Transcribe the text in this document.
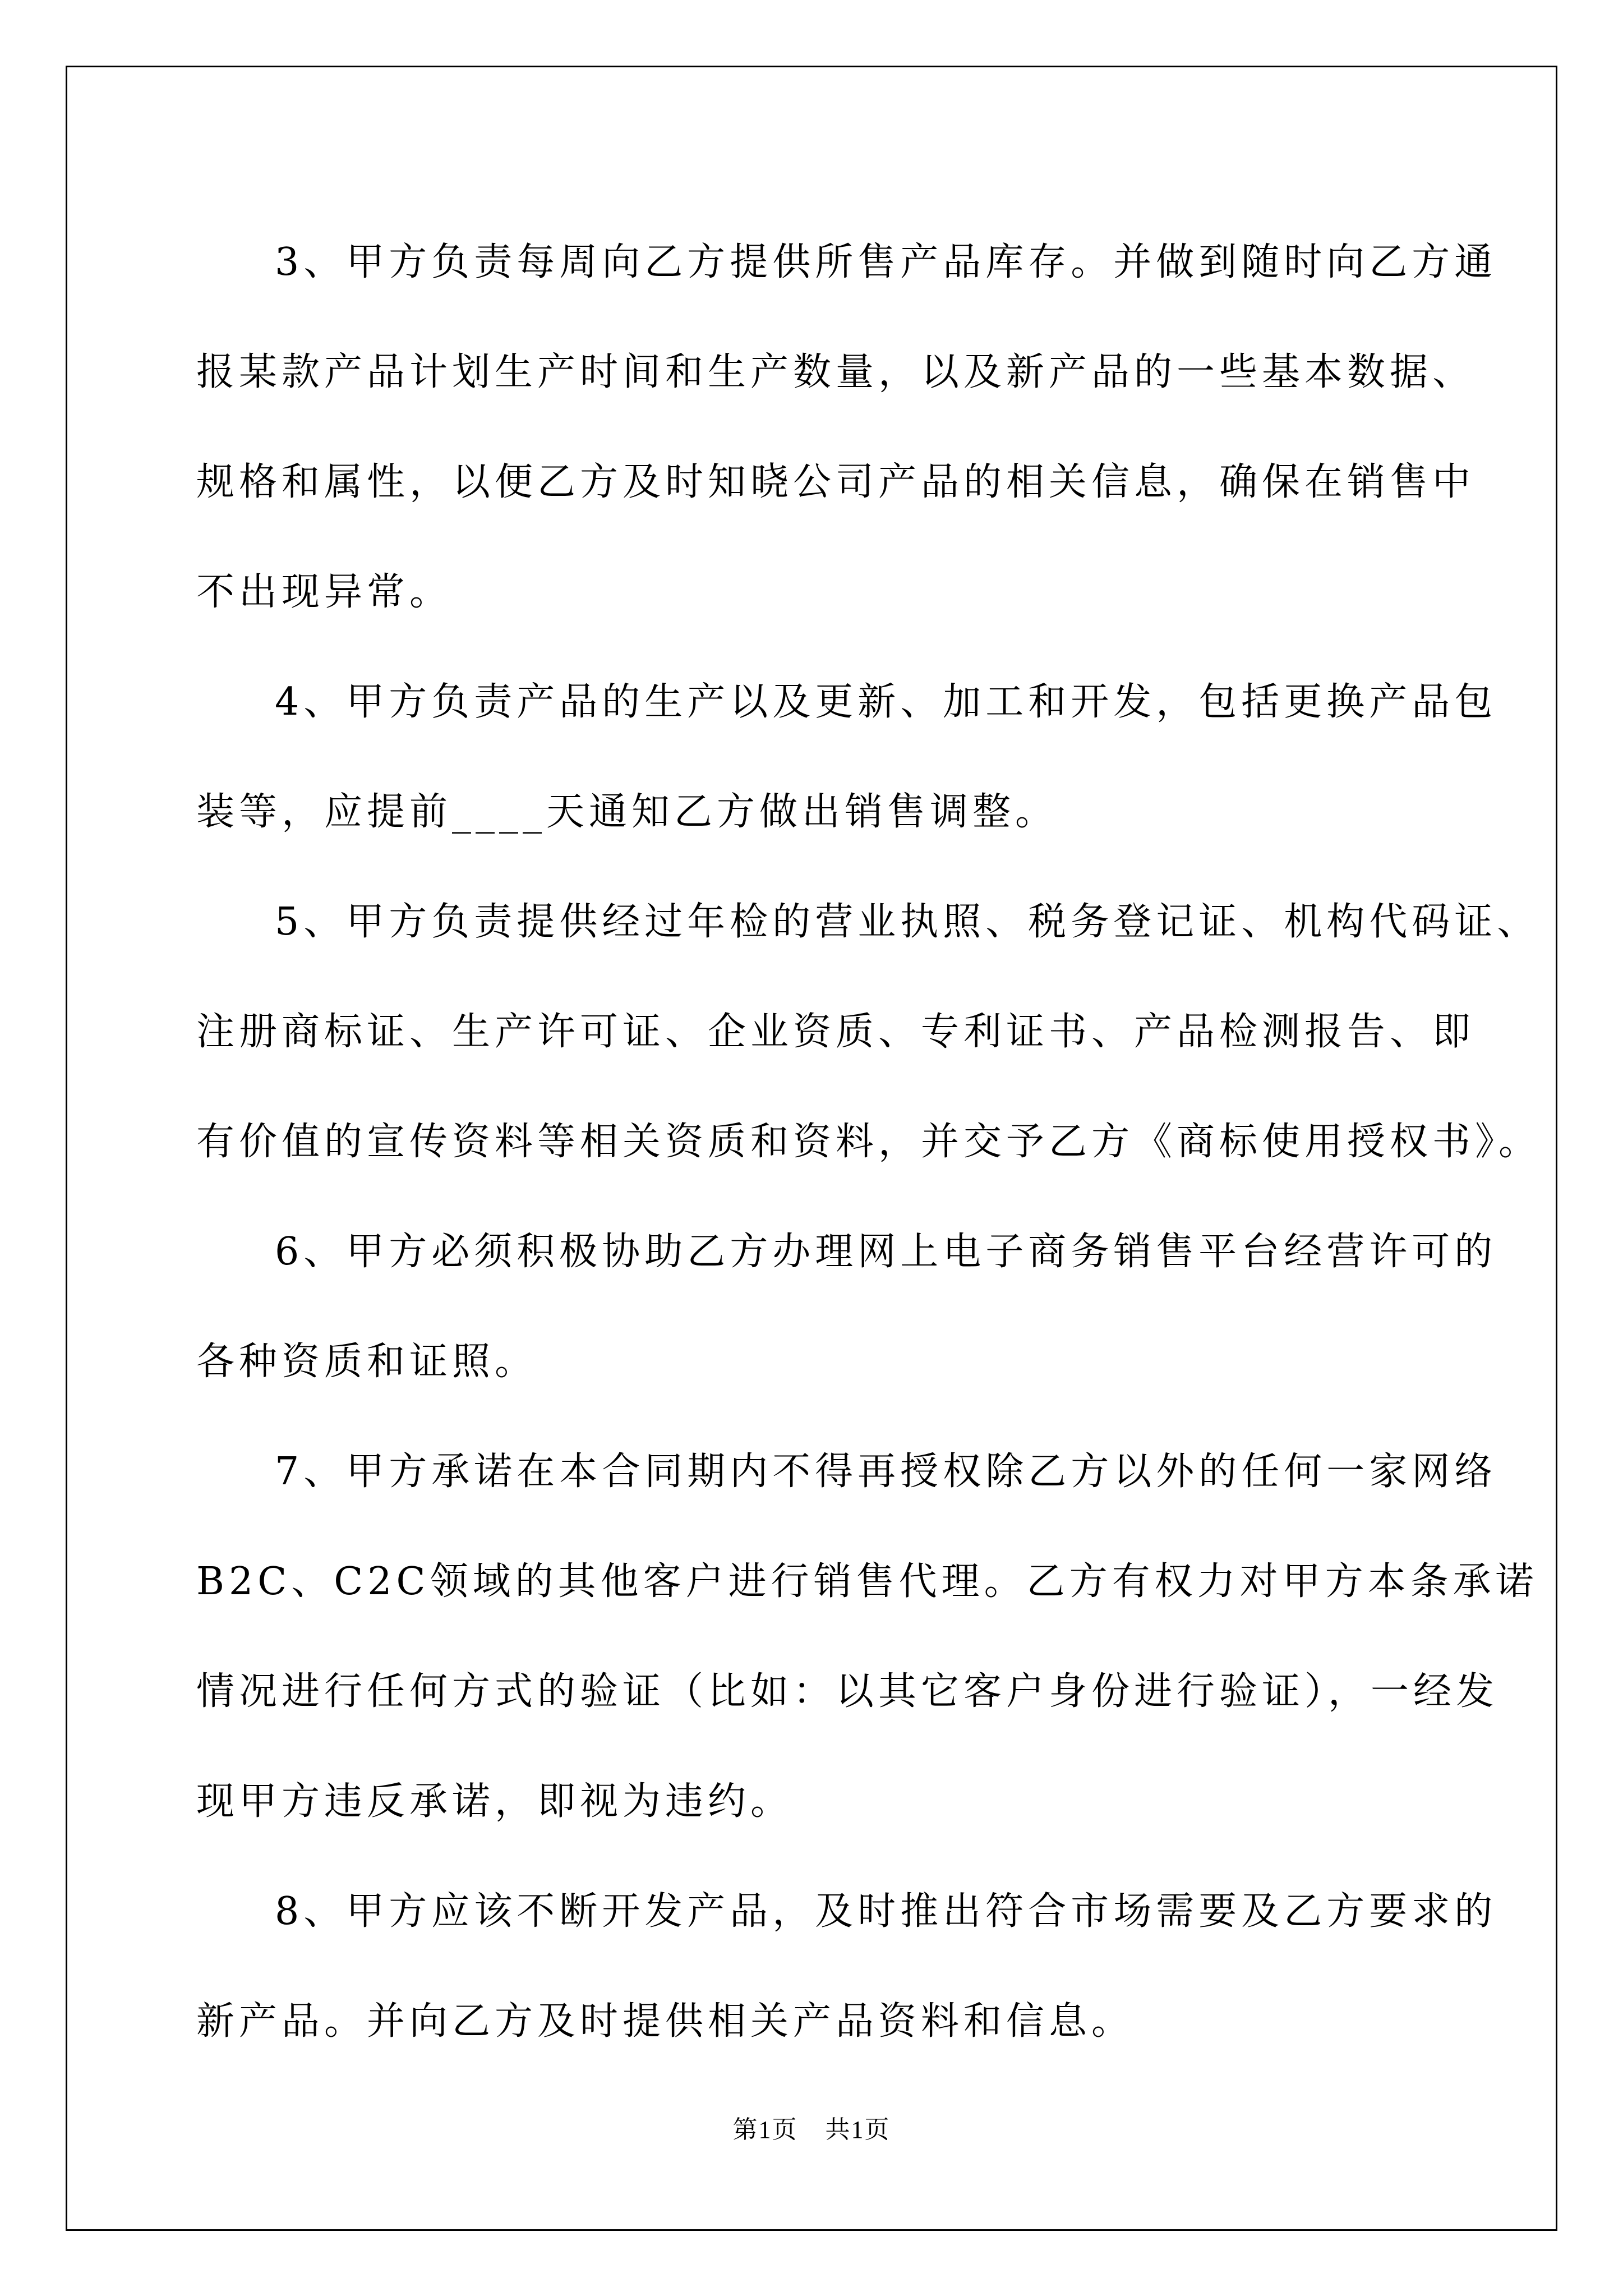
3、甲方负责每周向乙方提供所售产品库存。并做到随时向乙方通
报某款产品计划生产时间和生产数量，以及新产品的一些基本数据、
规格和属性，以便乙方及时知晓公司产品的相关信息，确保在销售中
不出现异常。

4、甲方负责产品的生产以及更新、加工和开发，包括更换产品包
装等，应提前____天通知乙方做出销售调整。

5、甲方负责提供经过年检的营业执照、税务登记证、机构代码证、
注册商标证、生产许可证、企业资质、专利证书、产品检测报告、即
有价值的宣传资料等相关资质和资料，并交予乙方《商标使用授权书》。

6、甲方必须积极协助乙方办理网上电子商务销售平台经营许可的
各种资质和证照。

7、甲方承诺在本合同期内不得再授权除乙方以外的任何一家网络
B2C、C2C领域的其他客户进行销售代理。乙方有权力对甲方本条承诺
情况进行任何方式的验证（比如：以其它客户身份进行验证），一经发
现甲方违反承诺，即视为违约。

8、甲方应该不断开发产品，及时推出符合市场需要及乙方要求的
新产品。并向乙方及时提供相关产品资料和信息。

第1页 共1页
